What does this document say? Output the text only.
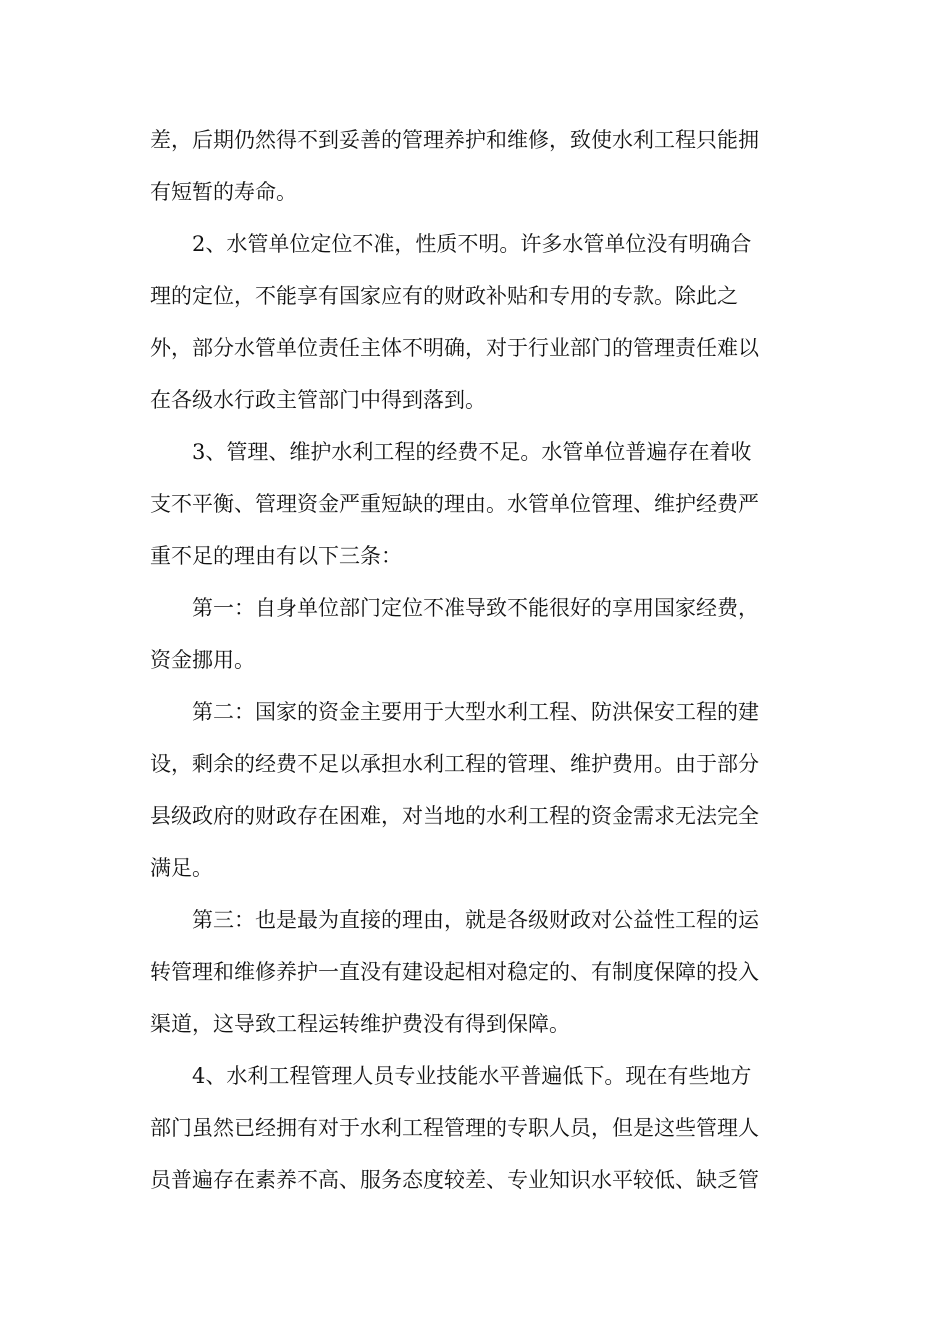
差，后期仍然得不到妥善的管理养护和维修，致使水利工程只能拥
有短暂的寿命。
2、水管单位定位不准，性质不明。许多水管单位没有明确合
理的定位，不能享有国家应有的财政补贴和专用的专款。除此之
外，部分水管单位责任主体不明确，对于行业部门的管理责任难以
在各级水行政主管部门中得到落到。
3、管理、维护水利工程的经费不足。水管单位普遍存在着收
支不平衡、管理资金严重短缺的理由。水管单位管理、维护经费严
重不足的理由有以下三条：
第一：自身单位部门定位不准导致不能很好的享用国家经费，
资金挪用。
第二：国家的资金主要用于大型水利工程、防洪保安工程的建
设，剩余的经费不足以承担水利工程的管理、维护费用。由于部分
县级政府的财政存在困难，对当地的水利工程的资金需求无法完全
满足。
第三：也是最为直接的理由，就是各级财政对公益性工程的运
转管理和维修养护一直没有建设起相对稳定的、有制度保障的投入
渠道，这导致工程运转维护费没有得到保障。
4、水利工程管理人员专业技能水平普遍低下。现在有些地方
部门虽然已经拥有对于水利工程管理的专职人员，但是这些管理人
员普遍存在素养不高、服务态度较差、专业知识水平较低、缺乏管
